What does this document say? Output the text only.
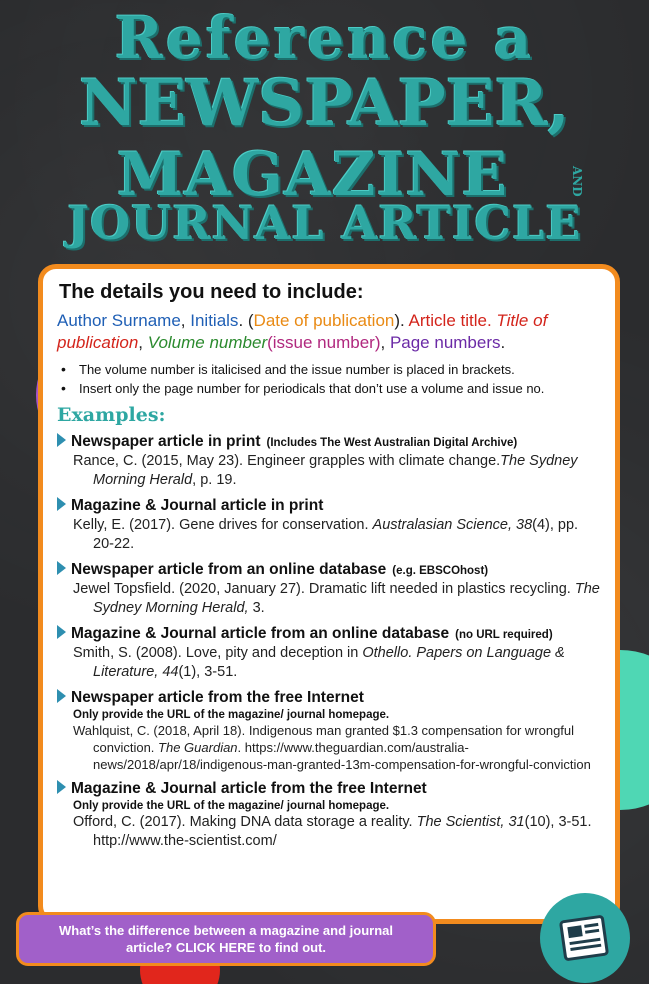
Reference a
NEWSPAPER,
MAGAZINE	AND
JOURNAL ARTICLE
The details you need to include:
Author Surname, Initials. (Date of publication). Article title. Title of publication, Volume number(issue number), Page numbers.
• The volume number is italicised and the issue number is placed in brackets.
• Insert only the page number for periodicals that don’t use a volume and issue no.
Examples:
Newspaper article in print (Includes The West Australian Digital Archive)
Rance, C. (2015, May 23). Engineer grapples with climate change.The Sydney Morning Herald, p. 19.
Magazine & Journal article in print
Kelly, E. (2017). Gene drives for conservation. Australasian Science, 38(4), pp. 20-22.
Newspaper article from an online database (e.g. EBSCOhost)
Jewel Topsfield. (2020, January 27). Dramatic lift needed in plastics recycling. The Sydney Morning Herald, 3.
Magazine & Journal article from an online database (no URL required)
Smith, S. (2008). Love, pity and deception in Othello. Papers on Language & Literature, 44(1), 3-51.
Newspaper article from the free Internet
Only provide the URL of the magazine/ journal homepage.
Wahlquist, C. (2018, April 18). Indigenous man granted $1.3 compensation for wrongful conviction. The Guardian. https://www.theguardian.com/australia-news/2018/apr/18/indigenous-man-granted-13m-compensation-for-wrongful-conviction
Magazine & Journal article from the free Internet
Only provide the URL of the magazine/ journal homepage.
Offord, C. (2017). Making DNA data storage a reality. The Scientist, 31(10), 3-51. http://www.the-scientist.com/
What’s the difference between a magazine and journal article? CLICK HERE to find out.
